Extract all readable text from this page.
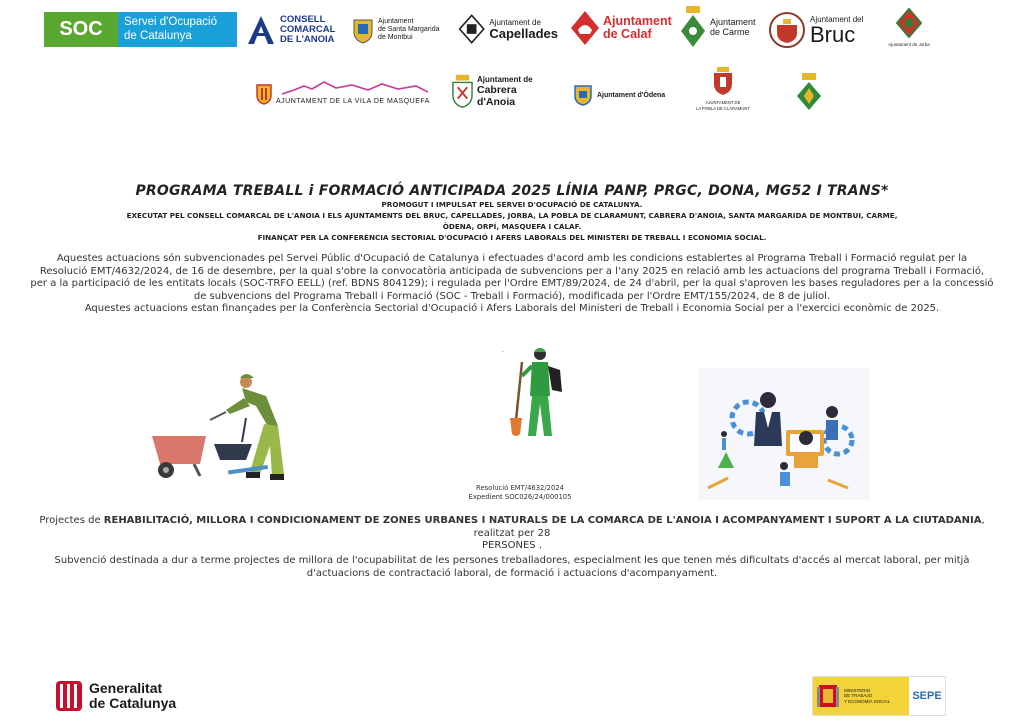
SOC	Servei d'Ocupació
de Catalunya
CONSELL
COMARCAL
DE L'ANOIA
Ajuntament
de Santa Margarida
de Montbui
Ajuntament de
Capellades
Ajuntament
de Calaf
Ajuntament
de Carme
Ajuntament del
Bruc	Ajuntament de Jorba
AJUNTAMENT DE LA VILA DE MASQUEFA
Ajuntament de
Cabrera d'Anoia
Ajuntament d'Òdena
AJUNTAMENT DE
LA POBLA DE CLARAMUNT
PROGRAMA TREBALL i FORMACIÓ ANTICIPADA 2025 LÍNIA PANP, PRGC, DONA, MG52 I TRANS*
PROMOGUT I IMPULSAT PEL SERVEI D'OCUPACIÓ DE CATALUNYA.
EXECUTAT PEL CONSELL COMARCAL DE L'ANOIA I ELS AJUNTAMENTS DEL BRUC, CAPELLADES, JORBA, LA POBLA DE CLARAMUNT, CABRERA D'ANOIA, SANTA MARGARIDA DE MONTBUI, CARME,
ÒDENA, ORPÍ, MASQUEFA I CALAF.
FINANÇAT PER LA CONFERÈNCIA SECTORIAL D'OCUPACIÓ I AFERS LABORALS DEL MINISTERI DE TREBALL I ECONOMIA SOCIAL.
Aquestes actuacions són subvencionades pel Servei Públic d'Ocupació de Catalunya i efectuades d'acord amb les condicions establertes al Programa Treball i Formació regulat per la
Resolució EMT/4632/2024, de 16 de desembre, per la qual s'obre la convocatòria anticipada de subvencions per a l'any 2025 en relació amb les actuacions del programa Treball i Formació,
per a la participació de les entitats locals (SOC-TRFO EELL) (ref. BDNS 804129); i regulada per l'Ordre EMT/89/2024, de 24 d'abril, per la qual s'aproven les bases reguladores per a la concessió
de subvencions del Programa Treball i Formació (SOC - Treball i Formació), modificada per l'Ordre EMT/155/2024, de 8 de juliol.
Aquestes actuacions estan finançades per la Conferència Sectorial d'Ocupació i Afers Laborals del Ministeri de Treball i Economia Social per a l'exercici econòmic de 2025.
·
Resolució EMT/4632/2024
Expedient SOC026/24/000105
Projectes de REHABILITACIÓ, MILLORA I CONDICIONAMENT DE ZONES URBANES I NATURALS DE LA COMARCA DE L'ANOIA I ACOMPANYAMENT I SUPORT A LA CIUTADANIA, realitzat per 28
PERSONES .
Subvenció destinada a dur a terme projectes de millora de l'ocupabilitat de les persones treballadores, especialment les que tenen més dificultats d'accés al mercat laboral, per mitjà
d'actuacions de contractació laboral, de formació i actuacions d'acompanyament.
Generalitat
de Catalunya
MINISTERIO
DE TRABAJO
Y ECONOMÍA SOCIAL SEPE
